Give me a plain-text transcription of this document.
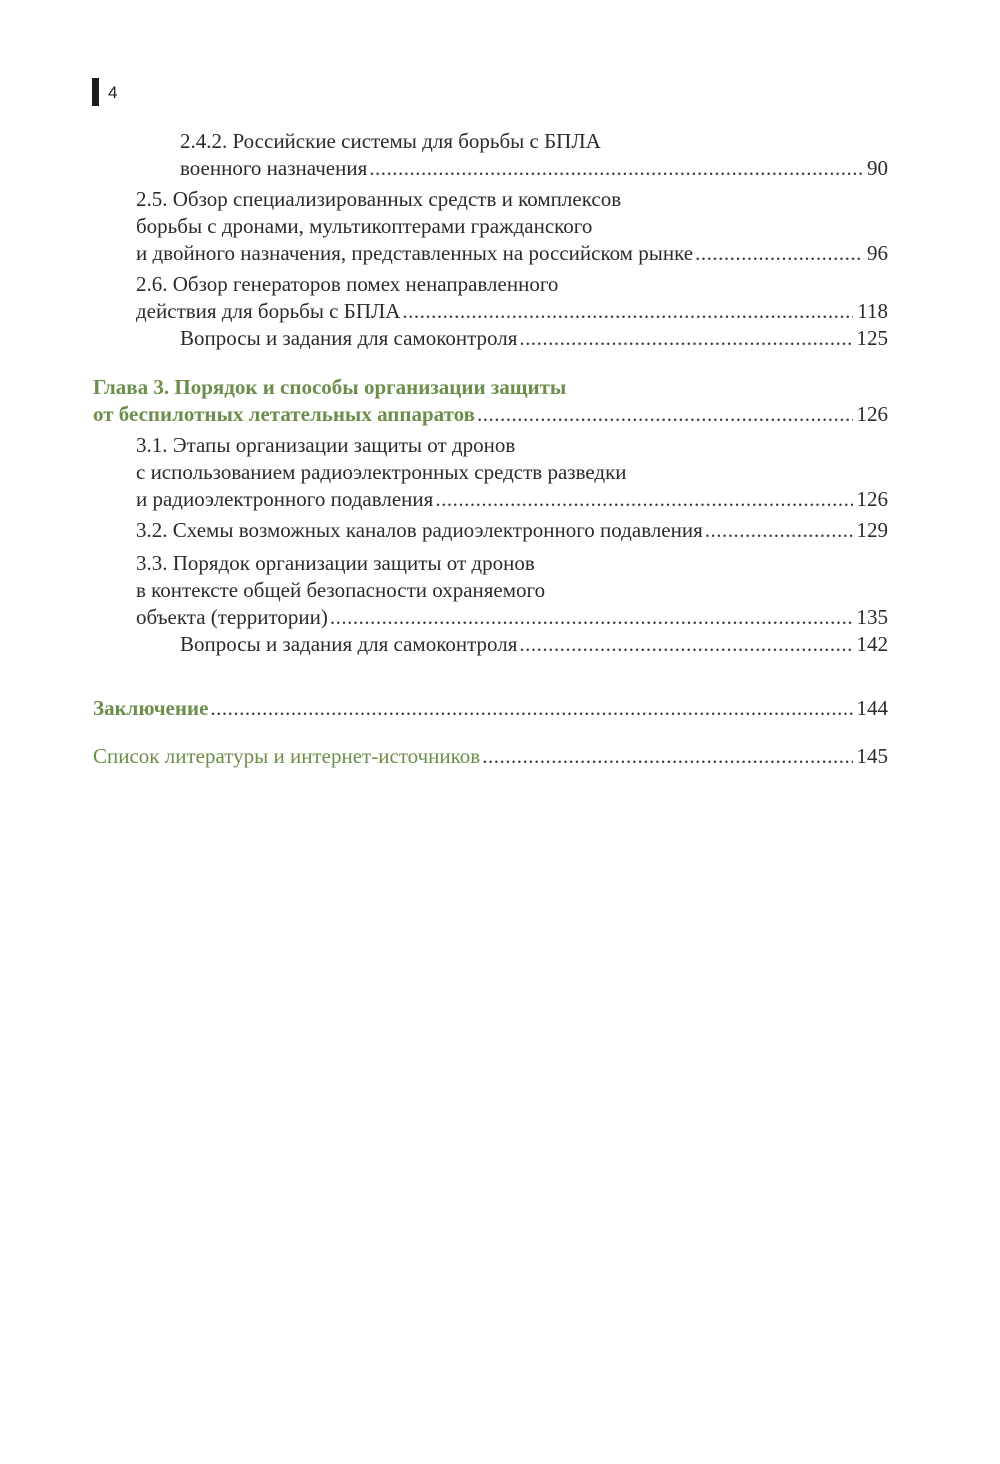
4
2.4.2. Российские системы для борьбы с БПЛА
военного назначения .....	90
2.5. Обзор специализированных средств и комплексов
борьбы с дронами, мультикоптерами гражданского
и двойного назначения, представленных на российском рынке .....	96
2.6. Обзор генераторов помех ненаправленного
действия для борьбы с БПЛА .....	118
Вопросы и задания для самоконтроля .....	125
Глава 3. Порядок и способы организации защиты
от беспилотных летательных аппаратов .....	126
3.1. Этапы организации защиты от дронов
с использованием радиоэлектронных средств разведки
и радиоэлектронного подавления .....	126
3.2. Схемы возможных каналов радиоэлектронного подавления .....	129
3.3. Порядок организации защиты от дронов
в контексте общей безопасности охраняемого
объекта (территории) .....	135
Вопросы и задания для самоконтроля .....	142
Заключение .....	144
Список литературы и интернет-источников .....	145
